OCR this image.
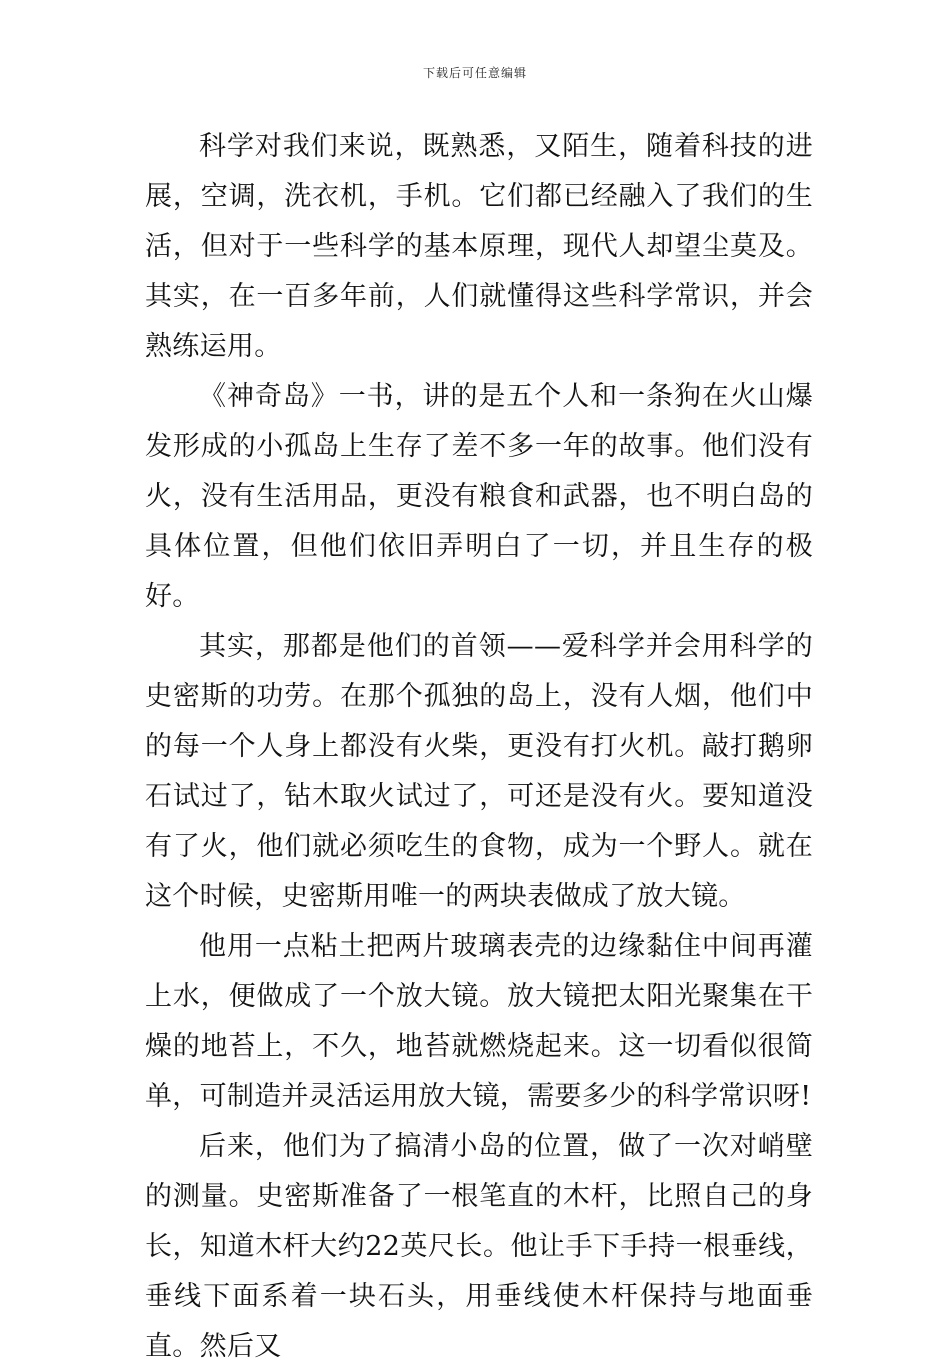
下载后可任意编辑

科学对我们来说，既熟悉，又陌生，随着科技的进展，空调，洗衣机，手机。它们都已经融入了我们的生活，但对于一些科学的基本原理，现代人却望尘莫及。其实，在一百多年前，人们就懂得这些科学常识，并会熟练运用。

《神奇岛》一书，讲的是五个人和一条狗在火山爆发形成的小孤岛上生存了差不多一年的故事。他们没有火，没有生活用品，更没有粮食和武器，也不明白岛的具体位置，但他们依旧弄明白了一切，并且生存的极好。

其实，那都是他们的首领——爱科学并会用科学的史密斯的功劳。在那个孤独的岛上，没有人烟，他们中的每一个人身上都没有火柴，更没有打火机。敲打鹅卵石试过了，钻木取火试过了，可还是没有火。要知道没有了火，他们就必须吃生的食物，成为一个野人。就在这个时候，史密斯用唯一的两块表做成了放大镜。

他用一点粘土把两片玻璃表壳的边缘黏住中间再灌上水，便做成了一个放大镜。放大镜把太阳光聚集在干燥的地苔上，不久，地苔就燃烧起来。这一切看似很简单，可制造并灵活运用放大镜，需要多少的科学常识呀!

后来，他们为了搞清小岛的位置，做了一次对峭壁的测量。史密斯准备了一根笔直的木杆，比照自己的身长，知道木杆大约22英尺长。他让手下手持一根垂线，垂线下面系着一块石头，用垂线使木杆保持与地面垂直。然后又
